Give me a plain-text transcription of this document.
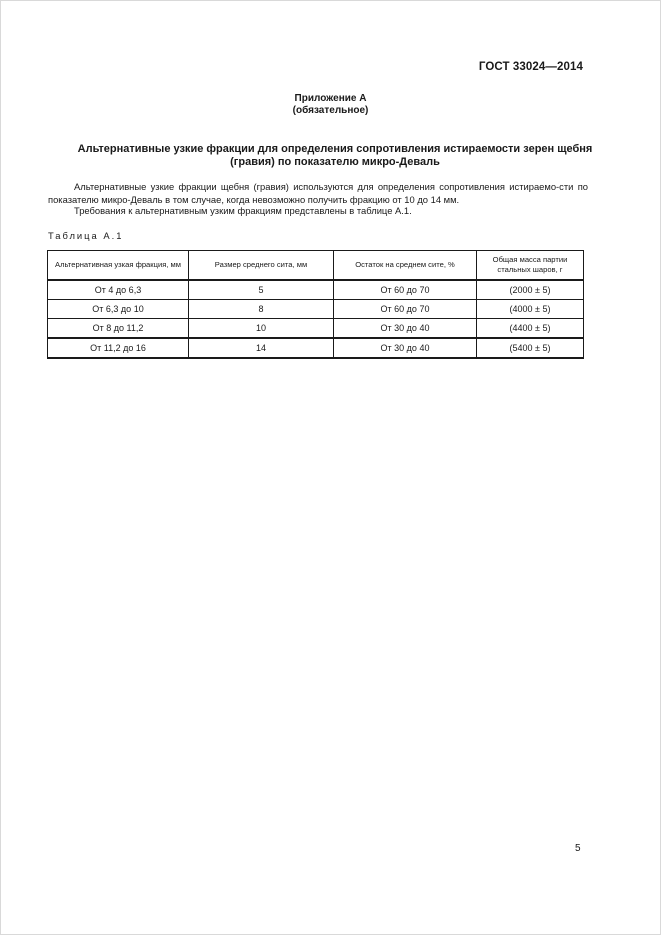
ГОСТ 33024—2014
Приложение А
(обязательное)
Альтернативные узкие фракции для определения сопротивления истираемости зерен щебня
(гравия) по показателю микро-Деваль
Альтернативные узкие фракции щебня (гравия) используются для определения сопротивления истираемо-сти по показателю микро-Деваль в том случае, когда невозможно получить фракцию от 10 до 14 мм.
Требования к альтернативным узким фракциям представлены в таблице А.1.
Таблица А.1
Альтернативная узкая фракция, мм	Размер среднего сита, мм	Остаток на среднем сите, %	Общая масса партии стальных шаров, г
От 4 до 6,3	5	От 60 до 70	(2000 ± 5)
От 6,3 до 10	8	От 60 до 70	(4000 ± 5)
От 8 до 11,2	10	От 30 до 40	(4400 ± 5)
От 11,2 до 16	14	От 30 до 40	(5400 ± 5)
5
